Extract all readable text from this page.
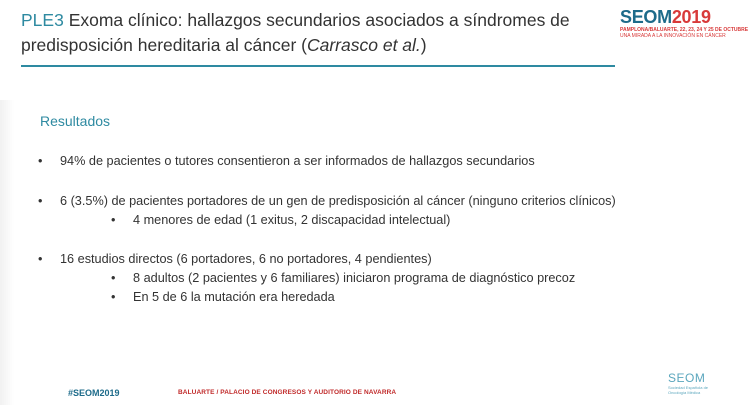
PLE3 Exoma clínico: hallazgos secundarios asociados a síndromes de predisposición hereditaria al cáncer (Carrasco et al.)
SEOM2019
PAMPLONA/BALUARTE, 22, 23, 24 Y 25 DE OCTUBRE
UNA MIRADA A LA INNOVACIÓN EN CÁNCER
Resultados
• 94% de pacientes o tutores consentieron a ser informados de hallazgos secundarios
• 6 (3.5%) de pacientes portadores de un gen de predisposición al cáncer (ninguno criterios clínicos)
• 4 menores de edad (1 exitus, 2 discapacidad intelectual)
• 16 estudios directos (6 portadores, 6 no portadores, 4 pendientes)
• 8 adultos (2 pacientes y 6 familiares) iniciaron programa de diagnóstico precoz
• En 5 de 6 la mutación era heredada
#SEOM2019	BALUARTE / PALACIO DE CONGRESOS Y AUDITORIO DE NAVARRA
SEOM
Sociedad Española de Oncología Médica
